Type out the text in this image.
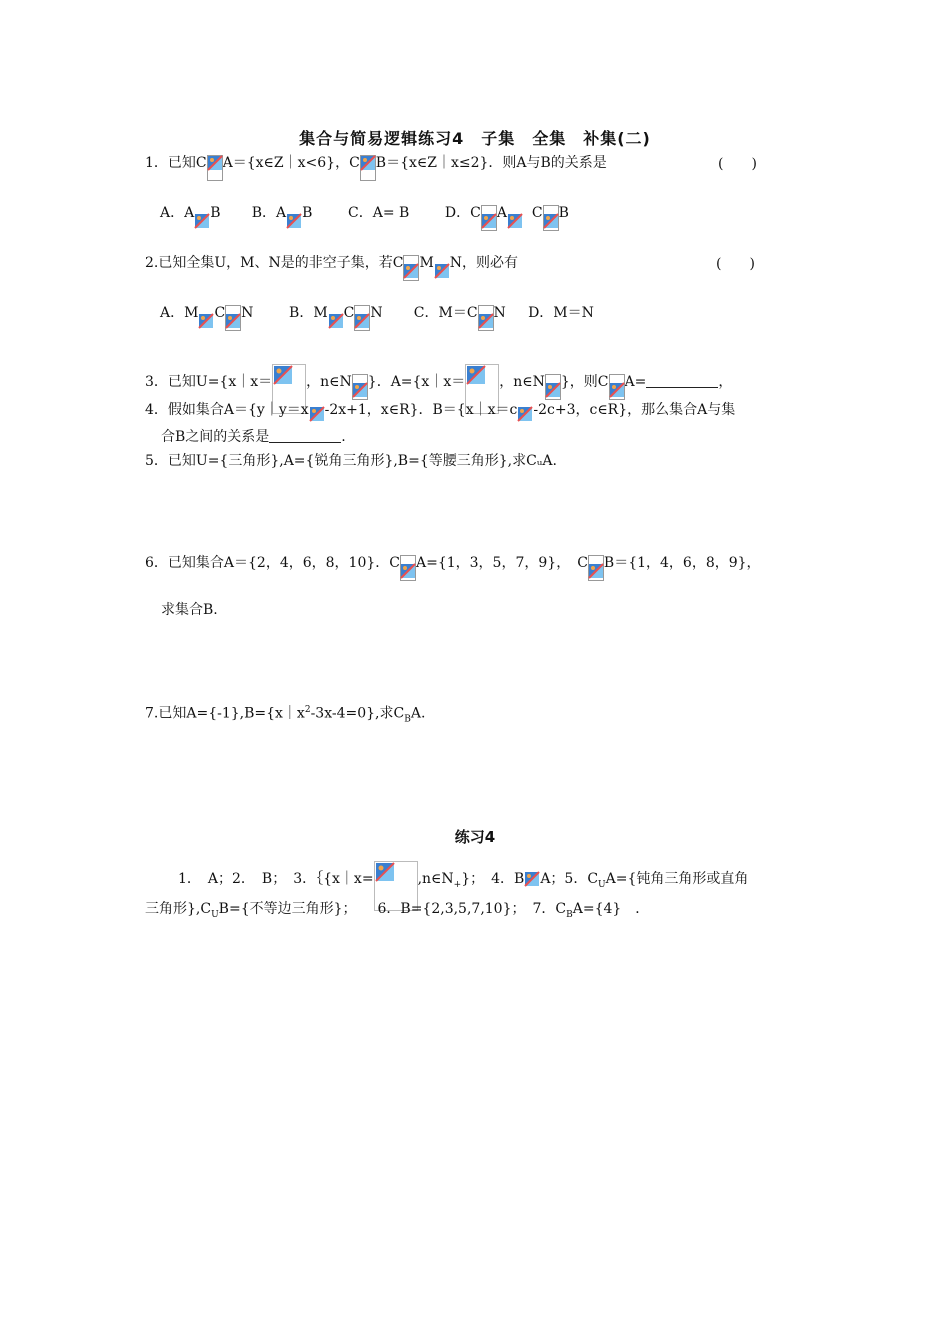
集合与简易逻辑练习4　子集　全集　补集(二)
1．已知C A＝{x∈Z｜x<6}，C B＝{x∈Z｜x≤2}．则A与B的关系是	(　　)
A．A B B．A B	C．A= B	D．C A C B
2.已知全集U，M、N是的非空子集，若C M N，则必有	(　　)
A．M C N	B．M C N C．M＝C N D．M＝N
3．已知U={x｜x＝ ，n∈N }．A={x｜x＝ ，n∈N }，则C A=	，
4．假如集合A＝{y｜y＝x -2x+1，x∈R}．B＝{x｜x＝c -2c+3，c∈R}，那么集合A与集
合B之间的关系是	.
5．已知U={三角形},A={锐角三角形},B={等腰三角形},求CᵤA.
6．已知集合A＝{2，4，6，8，10}．C A={1，3，5，7，9}，　C B＝{1，4，6，8，9}，
求集合B.
7.已知$A=\{-1\},B=\{x|x^2-3x-4=0\}$,求$C_BA$.
练习4
1．　A；2．　B；　3．｛{x｜x=	$,n\in N_+$}；　4．B A；5．$C_UA=${钝角三角形或直角
三角形}$,C_UB=${不等边三角形}；　　6．B={2,3,5,7,10}；　7．$C_BA=\{4\}$　．
